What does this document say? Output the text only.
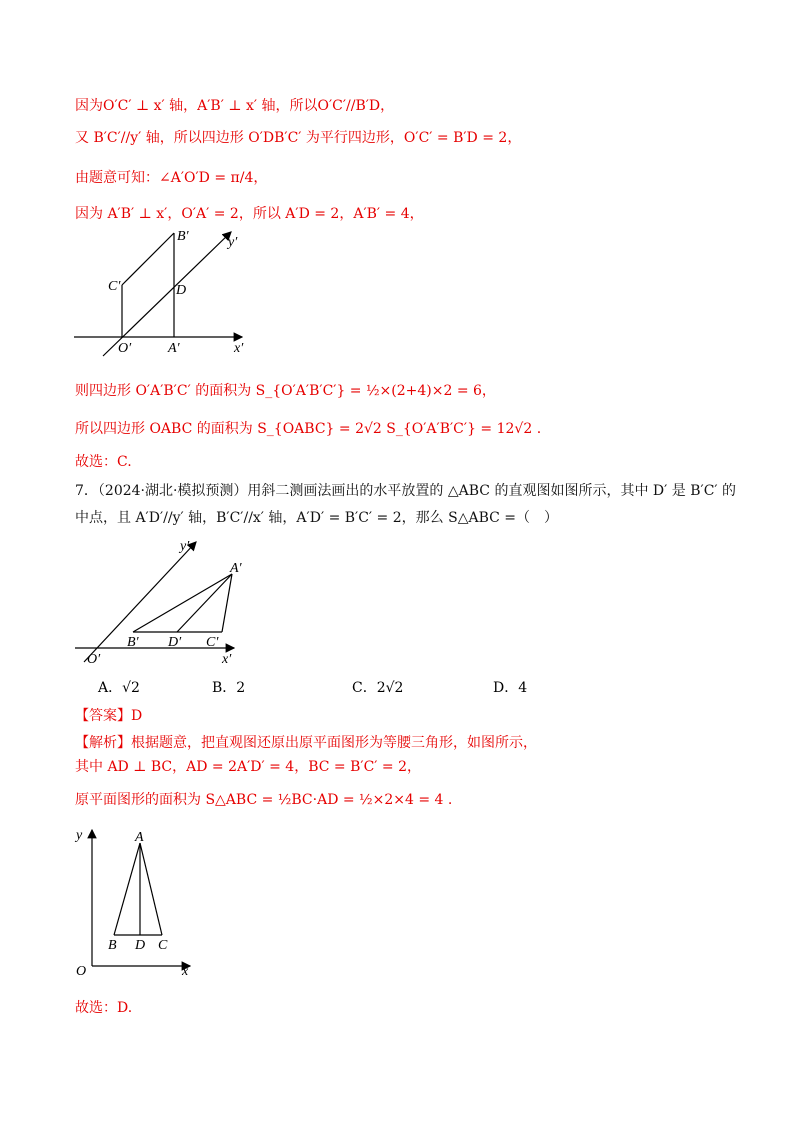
因为O′C′ ⊥ x′ 轴，A′B′ ⊥ x′ 轴，所以O′C′//B′D，
又 B′C′//y′ 轴，所以四边形 O′DB′C′ 为平行四边形，O′C′ = B′D = 2，
由题意可知：∠A′O′D = π/4，
因为 A′B′ ⊥ x′，O′A′ = 2，所以 A′D = 2，A′B′ = 4，
B′	y′
C′	D
O′	A′	x′
则四边形 O′A′B′C′ 的面积为 S_{O′A′B′C′} = ½×(2+4)×2 = 6，
所以四边形 OABC 的面积为 S_{OABC} = 2√2 S_{O′A′B′C′} = 12√2 .
故选：C.
7．（2024·湖北·模拟预测）用斜二测画法画出的水平放置的 △ABC 的直观图如图所示，其中 D′ 是 B′C′ 的
中点，且 A′D′//y′ 轴，B′C′//x′ 轴，A′D′ = B′C′ = 2，那么 S△ABC =（　）
y′
A′
B′ D′ C′
O′	x′
A．√2	B．2	C．2√2	D．4
【答案】D
【解析】根据题意，把直观图还原出原平面图形为等腰三角形，如图所示，
其中 AD ⊥ BC，AD = 2A′D′ = 4，BC = B′C′ = 2，
原平面图形的面积为 S△ABC = ½BC·AD = ½×2×4 = 4 .
y	A
B D C
O	x
故选：D.
